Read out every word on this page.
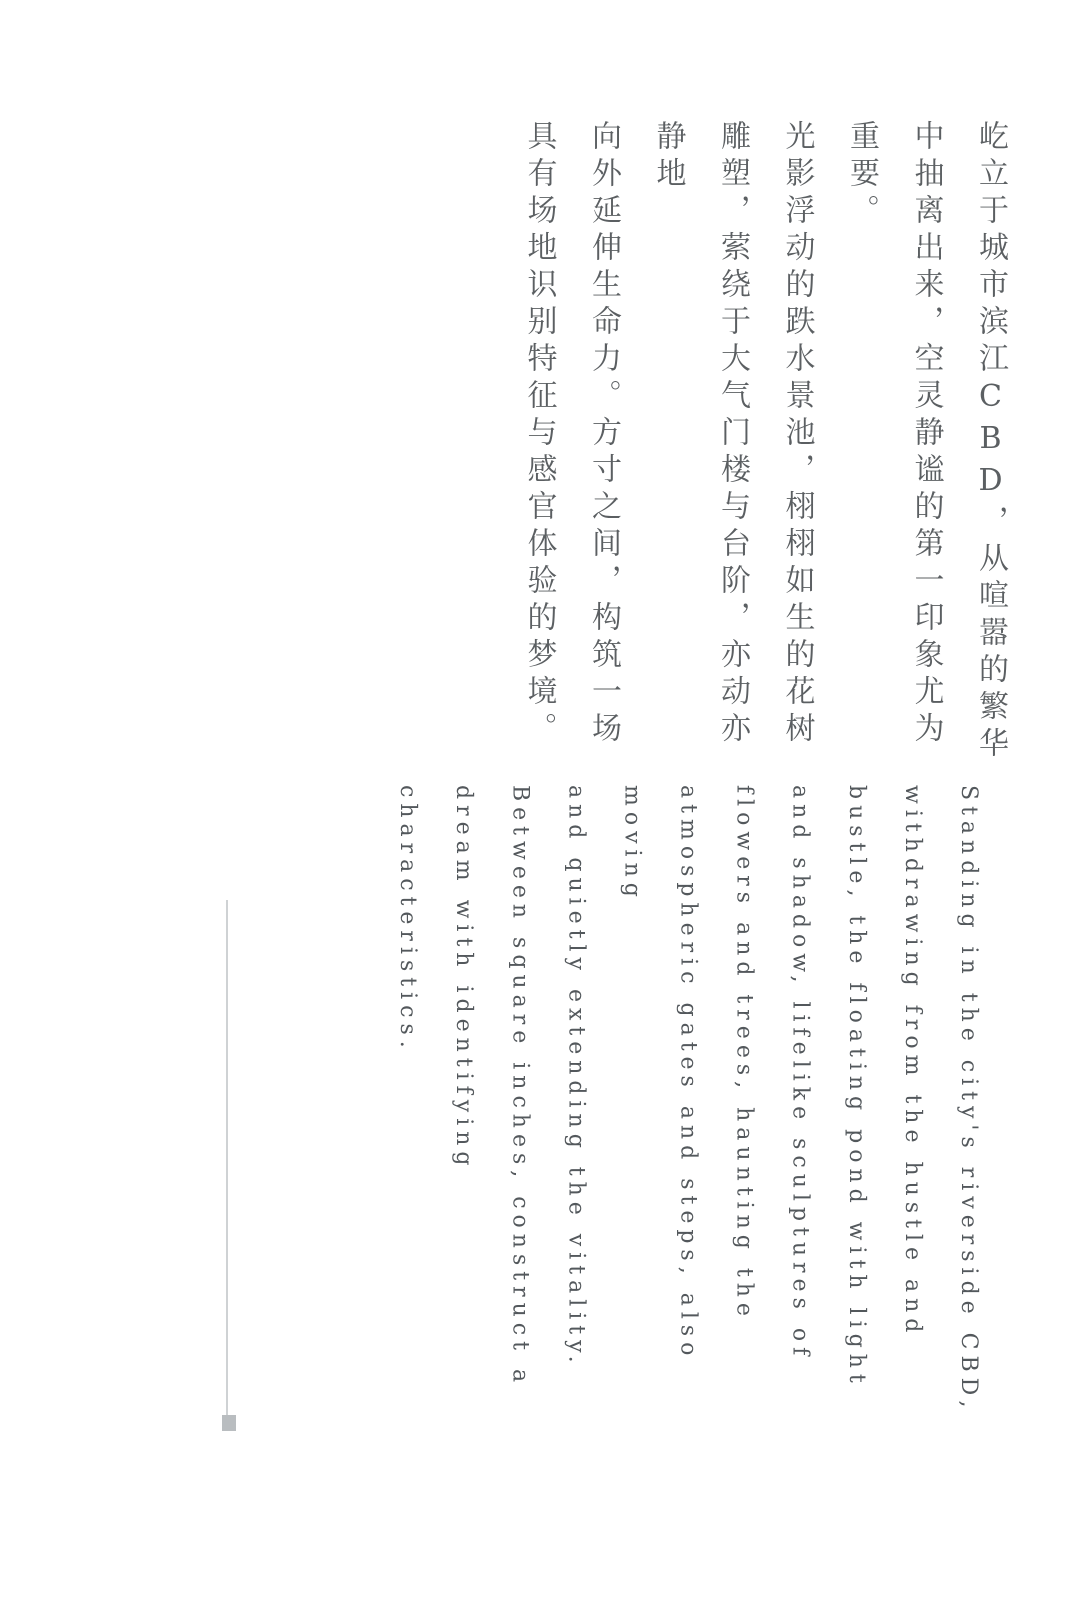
屹立于城市滨江CBD，从喧嚣的繁华中抽离出来，空灵静谧的第一印象尤为重要。
光影浮动的跌水景池，栩栩如生的花树雕塑，萦绕于大气门楼与台阶，亦动亦静地
向外延伸生命力。方寸之间，构筑一场具有场地识别特征与感官体验的梦境。
Standing in the city's riverside CBD, withdrawing from the hustle and
bustle, the floating pond with light and shadow, lifelike sculptures of
flowers and trees, haunting the atmospheric gates and steps, also moving
and quietly extending the vitality. Between square inches, construct a
dream with identifying characteristics.
